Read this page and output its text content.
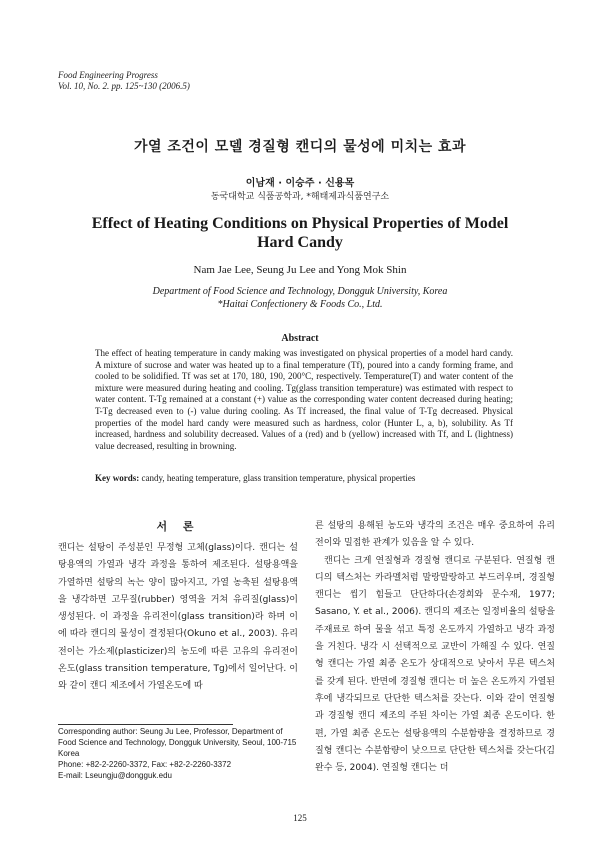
Food Engineering Progress
Vol. 10, No. 2. pp. 125~130 (2006.5)
가열 조건이 모델 경질형 캔디의 물성에 미치는 효과
이남재 · 이승주 · 신용목
동국대학교 식품공학과, *해태제과식품연구소
Effect of Heating Conditions on Physical Properties of Model
Hard Candy
Nam Jae Lee, Seung Ju Lee and Yong Mok Shin
Department of Food Science and Technology, Dongguk University, Korea
*Haitai Confectionery & Foods Co., Ltd.
Abstract
The effect of heating temperature in candy making was investigated on physical properties of a model hard candy. A mixture of sucrose and water was heated up to a final temperature (Tf), poured into a candy forming frame, and cooled to be solidified. Tf was set at 170, 180, 190, 200°C, respectively. Temperature(T) and water content of the mixture were measured during heating and cooling. Tg(glass transition temperature) was estimated with respect to water content. T-Tg remained at a constant (+) value as the corresponding water content decreased during heating; T-Tg decreased even to (-) value during cooling. As Tf increased, the final value of T-Tg decreased. Physical properties of the model hard candy were measured such as hardness, color (Hunter L, a, b), solubility. As Tf increased, hardness and solubility decreased. Values of a (red) and b (yellow) increased with Tf, and L (lightness) value decreased, resulting in browning.
Key words: candy, heating temperature, glass transition temperature, physical properties
서 론
캔디는 설탕이 주성분인 무정형 고체(glass)이다. 캔디는 설탕용액의 가열과 냉각 과정을 통하여 제조된다. 설탕용액을 가열하면 설탕의 녹는 양이 많아지고, 가열 농축된 설탕용액을 냉각하면 고무질(rubber) 영역을 거쳐 유리질(glass)이 생성된다. 이 과정을 유리전이(glass transition)라 하며 이에 따라 캔디의 물성이 결정된다(Okuno et al., 2003). 유리전이는 가소제(plasticizer)의 농도에 따른 고유의 유리전이온도(glass transition temperature, Tg)에서 일어난다. 이와 같이 캔디 제조에서 가열온도에 따
른 설탕의 용해된 농도와 냉각의 조건은 매우 중요하여 유리전이와 밀접한 관계가 있음을 알 수 있다.
캔디는 크게 연질형과 경질형 캔디로 구분된다. 연질형 캔디의 텍스처는 카라멜처럼 말랑말랑하고 부드러우며, 경질형 캔디는 씹기 힘들고 단단하다(손경희와 문수재, 1977; Sasano, Y. et al., 2006). 캔디의 제조는 일정비율의 설탕을 주재료로 하여 물을 섞고 특정 온도까지 가열하고 냉각 과정을 거친다. 냉각 시 선택적으로 교반이 가해질 수 있다. 연질형 캔디는 가열 최종 온도가 상대적으로 낮아서 무른 텍스처를 갖게 된다. 반면에 경질형 캔디는 더 높은 온도까지 가열된 후에 냉각되므로 단단한 텍스처를 갖는다. 이와 같이 연질형과 경질형 캔디 제조의 주된 차이는 가열 최종 온도이다. 한편, 가열 최종 온도는 설탕용액의 수분함량을 결정하므로 경질형 캔디는 수분함량이 낮으므로 단단한 텍스처를 갖는다(김완수 등, 2004). 연질형 캔디는 더
Corresponding author: Seung Ju Lee, Professor, Department of Food Science and Technology, Dongguk University, Seoul, 100-715 Korea
Phone: +82-2-2260-3372, Fax: +82-2-2260-3372
E-mail: Lseungju@dongguk.edu
125
